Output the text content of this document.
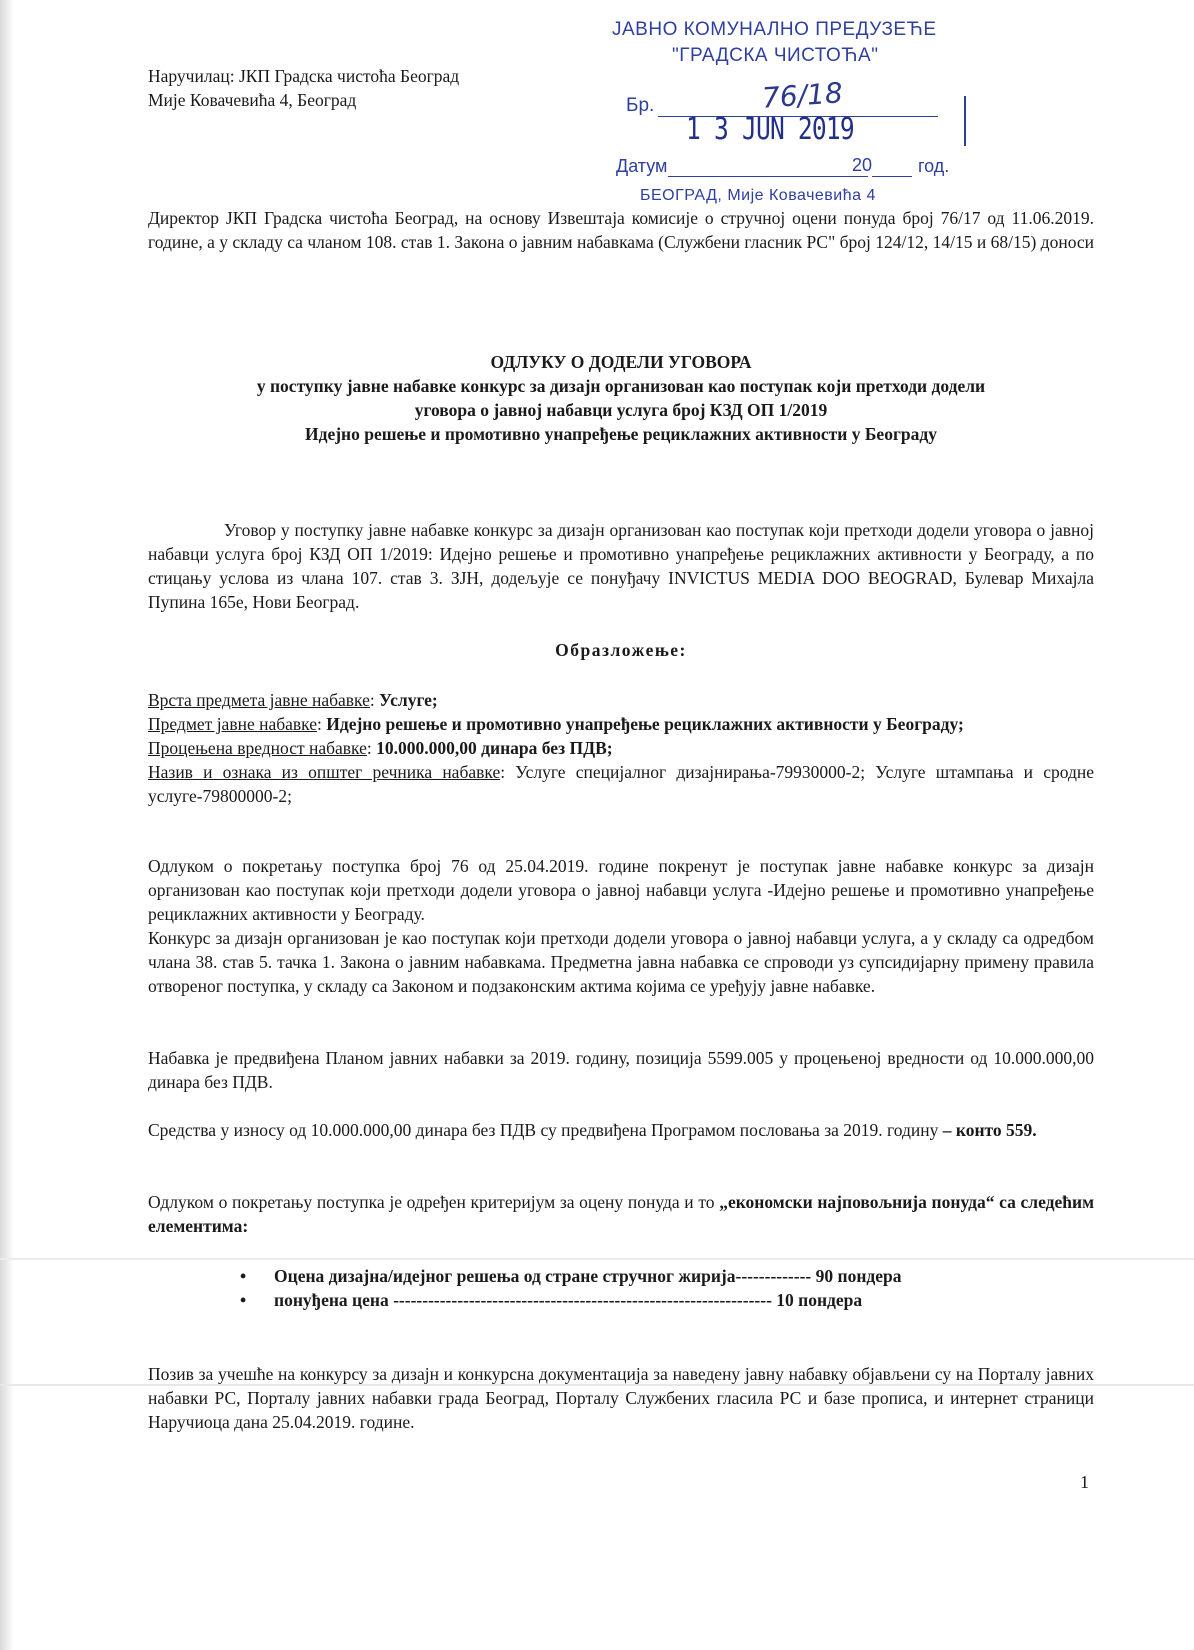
Наручилац: ЈКП Градска чистоћа Београд
Мије Ковачевића 4, Београд
ЈАВНО КОМУНАЛНО ПРЕДУЗЕЋЕ
"ГРАДСКА ЧИСТОЋА"
Бр.	76/18
1 3 JUN 2019
Датум	20	год.
БЕОГРАД, Мије Ковачевића 4
Директор ЈКП Градска чистоћа Београд, на основу Извештаја комисије о стручној оцени понуда број 76/17 од 11.06.2019. године, а у складу са чланом 108. став 1. Закона о јавним набавкама (Службени гласник РС" број 124/12, 14/15 и 68/15) доноси
ОДЛУКУ О ДОДЕЛИ УГОВОРА
у поступку јавне набавке конкурс за дизајн организован као поступак који претходи додели
уговора о јавној набавци услуга број КЗД ОП 1/2019
Идејно решење и промотивно унапређење рециклажних активности у Београду
Уговор у поступку јавне набавке конкурс за дизајн организован као поступак који претходи додели уговора о јавној набавци услуга број КЗД ОП 1/2019: Идејно решење и промотивно унапређење рециклажних активности у Београду, а по стицању услова из члана 107. став 3. ЗЈН, додељује се понуђачу INVICTUS MEDIA DOO BEOGRAD, Булевар Михајла Пупина 165е, Нови Београд.
Образложење:

Врста предмета јавне набавке: Услуге;

Предмет јавне набавке: Идејно решење и промотивно унапређење рециклажних активности у Београду;

Процењена вредност набавке: 10.000.000,00 динара без ПДВ;

Назив и ознака из општег речника набавке: Услуге специјалног дизајнирања-79930000-2; Услуге штампања и сродне услуге-79800000-2;

Одлуком о покретању поступка број 76 од 25.04.2019. године покренут је поступак јавне набавке конкурс за дизајн организован као поступак који претходи додели уговора о јавној набавци услуга -Идејно решење и промотивно унапређење рециклажних активности у Београду.

Конкурс за дизајн организован је као поступак који претходи додели уговора о јавној набавци услуга, а у складу са одредбом члана 38. став 5. тачка 1. Закона о јавним набавкама. Предметна јавна набавка се спроводи уз супсидијарну примену правила отвореног поступка, у складу са Законом и подзаконским актима којима се уређују јавне набавке.

Набавка је предвиђена Планом јавних набавки за 2019. годину, позиција 5599.005 у процењеној вредности од 10.000.000,00 динара без ПДВ.
Средства у износу од 10.000.000,00 динара без ПДВ су предвиђена Програмом пословања за 2019. годину – конто 559.
Одлуком о покретању поступка је одређен критеријум за оцену понуда и то „економски најповољнија понуда“ са следећим елементима:
• Оцена дизајна/идејног решења од стране стручног жирија------------- 90 пондера
• понуђена цена ----------------------------------------------------------------- 10 пондера
Позив за учешће на конкурсу за дизајн и конкурсна документација за наведену јавну набавку објављени су на Порталу јавних набавки РС, Порталу јавних набавки града Београд, Порталу Службених гласила РС и базе прописа, и интернет страници Наручиоца дана 25.04.2019. године.
1
